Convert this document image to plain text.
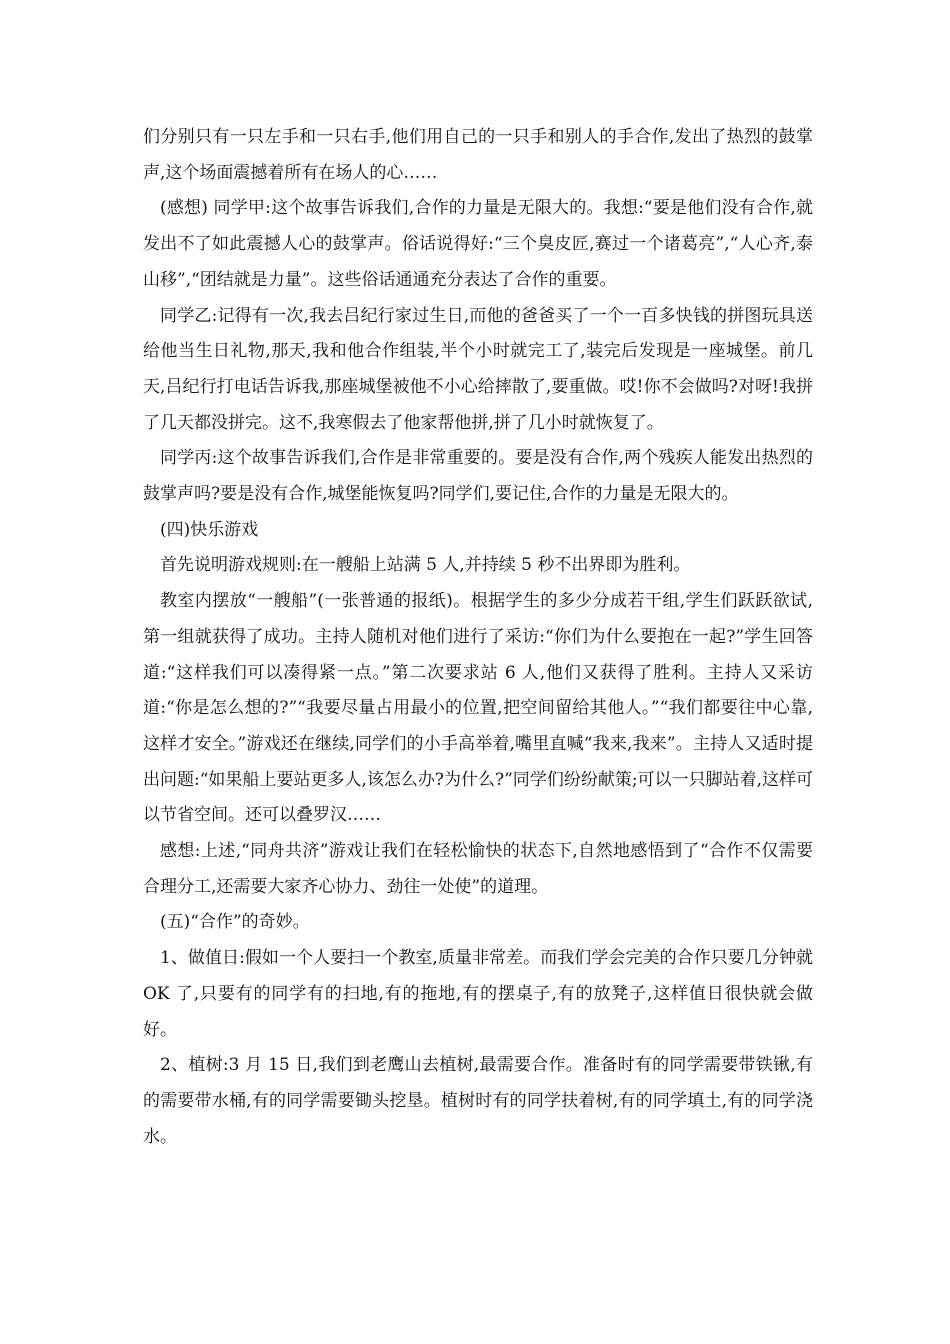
们分别只有一只左手和一只右手,他们用自己的一只手和别人的手合作,发出了热烈的鼓掌声,这个场面震撼着所有在场人的心……

(感想) 同学甲:这个故事告诉我们,合作的力量是无限大的。我想:“要是他们没有合作,就发出不了如此震撼人心的鼓掌声。俗话说得好:“三个臭皮匠,赛过一个诸葛亮”,“人心齐,泰山移”,“团结就是力量”。这些俗话通通充分表达了合作的重要。

同学乙:记得有一次,我去吕纪行家过生日,而他的爸爸买了一个一百多快钱的拼图玩具送给他当生日礼物,那天,我和他合作组装,半个小时就完工了,装完后发现是一座城堡。前几天,吕纪行打电话告诉我,那座城堡被他不小心给摔散了,要重做。哎!你不会做吗?对呀!我拼了几天都没拼完。这不,我寒假去了他家帮他拼,拼了几小时就恢复了。

同学丙:这个故事告诉我们,合作是非常重要的。要是没有合作,两个残疾人能发出热烈的鼓掌声吗?要是没有合作,城堡能恢复吗?同学们,要记住,合作的力量是无限大的。

(四)快乐游戏

首先说明游戏规则:在一艘船上站满 5 人,并持续 5 秒不出界即为胜利。

教室内摆放“一艘船”(一张普通的报纸)。根据学生的多少分成若干组,学生们跃跃欲试,第一组就获得了成功。主持人随机对他们进行了采访:“你们为什么要抱在一起?”学生回答道:“这样我们可以凑得紧一点。”第二次要求站 6 人,他们又获得了胜利。主持人又采访道:“你是怎么想的?”“我要尽量占用最小的位置,把空间留给其他人。”“我们都要往中心靠,这样才安全。”游戏还在继续,同学们的小手高举着,嘴里直喊“我来,我来”。主持人又适时提出问题:“如果船上要站更多人,该怎么办?为什么?”同学们纷纷献策;可以一只脚站着,这样可以节省空间。还可以叠罗汉……

感想:上述,“同舟共济”游戏让我们在轻松愉快的状态下,自然地感悟到了“合作不仅需要合理分工,还需要大家齐心协力、劲往一处使”的道理。

(五)“合作”的奇妙。

1、做值日:假如一个人要扫一个教室,质量非常差。而我们学会完美的合作只要几分钟就 OK 了,只要有的同学有的扫地,有的拖地,有的摆桌子,有的放凳子,这样值日很快就会做好。

2、植树:3 月 15 日,我们到老鹰山去植树,最需要合作。准备时有的同学需要带铁锹,有的需要带水桶,有的同学需要锄头挖垦。植树时有的同学扶着树,有的同学填土,有的同学浇水。
